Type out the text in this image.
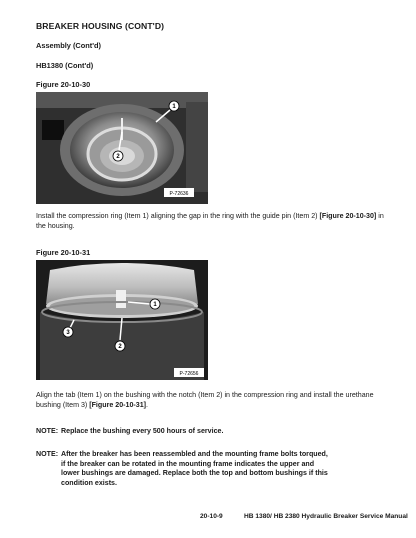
BREAKER HOUSING (CONT'D)
Assembly (Cont'd)
HB1380 (Cont'd)
Figure 20-10-30
P-72636
1
2
Install the compression ring (Item 1) aligning the gap in the ring with the guide pin (Item 2) [Figure 20-10-30] in the housing.
Figure 20-10-31
P-72656
1
3
2
Align the tab (Item 1) on the bushing with the notch (Item 2) in the compression ring and install the urethane bushing (Item 3) [Figure 20-10-31].
NOTE: Replace the bushing every 500 hours of service.
NOTE: After the breaker has been reassembled and the mounting frame bolts torqued, if the breaker can be rotated in the mounting frame indicates the upper and lower bushings are damaged. Replace both the top and bottom bushings if this condition exists.
20-10-9	HB 1380/ HB 2380 Hydraulic Breaker Service Manual
